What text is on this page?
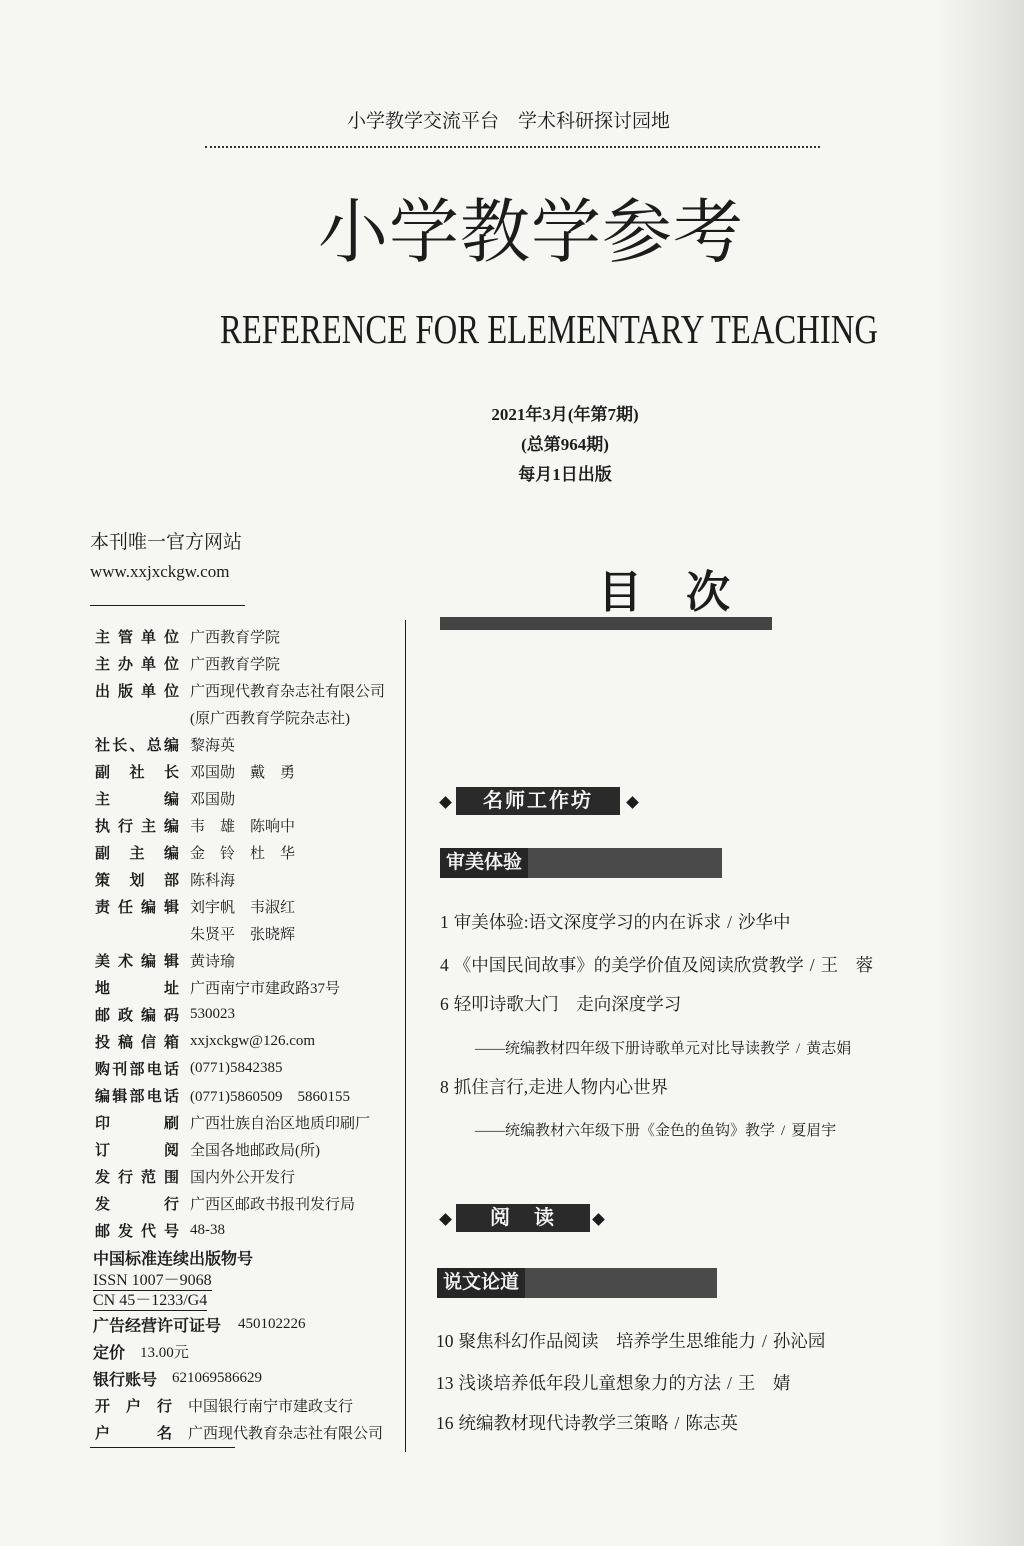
小学教学交流平台　学术科研探讨园地
小学教学参考
REFERENCE FOR ELEMENTARY TEACHING
2021年3月(年第7期)
(总第964期)
每月1日出版
本刊唯一官方网站
www.xxjxckgw.com
主管单位 广西教育学院
主办单位 广西教育学院
出版单位 广西现代教育杂志社有限公司
(原广西教育学院杂志社)
社长、总编 黎海英
副社长 邓国勋　戴　勇
主编 邓国勋
执行主编 韦　雄　陈响中
副主编 金　铃　杜　华
策划部 陈科海
责任编辑 刘宇帆　韦淑红
朱贤平　张晓辉
美术编辑 黄诗瑜
地址 广西南宁市建政路37号
邮政编码 530023
投稿信箱 xxjxckgw@126.com
购刊部电话 (0771)5842385
编辑部电话 (0771)5860509　5860155
印刷 广西壮族自治区地质印刷厂
订阅 全国各地邮政局(所)
发行范围 国内外公开发行
发行 广西区邮政书报刊发行局
邮发代号 48-38
中国标准连续出版物号
ISSN 1007－9068
CN 45－1233/G4
广告经营许可证号 450102226
定价 13.00元
银行账号 621069586629
开户行 中国银行南宁市建政支行
户名 广西现代教育杂志社有限公司
目　次
名师工作坊
审美体验
1 审美体验:语文深度学习的内在诉求 / 沙华中
4 《中国民间故事》的美学价值及阅读欣赏教学 / 王　蓉
6 轻叩诗歌大门　走向深度学习
——统编教材四年级下册诗歌单元对比导读教学 / 黄志娟
8 抓住言行,走进人物内心世界
——统编教材六年级下册《金色的鱼钩》教学 / 夏眉宇
阅　读
说文论道
10 聚焦科幻作品阅读　培养学生思维能力 / 孙沁园
13 浅谈培养低年段儿童想象力的方法 / 王　婧
16 统编教材现代诗教学三策略 / 陈志英
